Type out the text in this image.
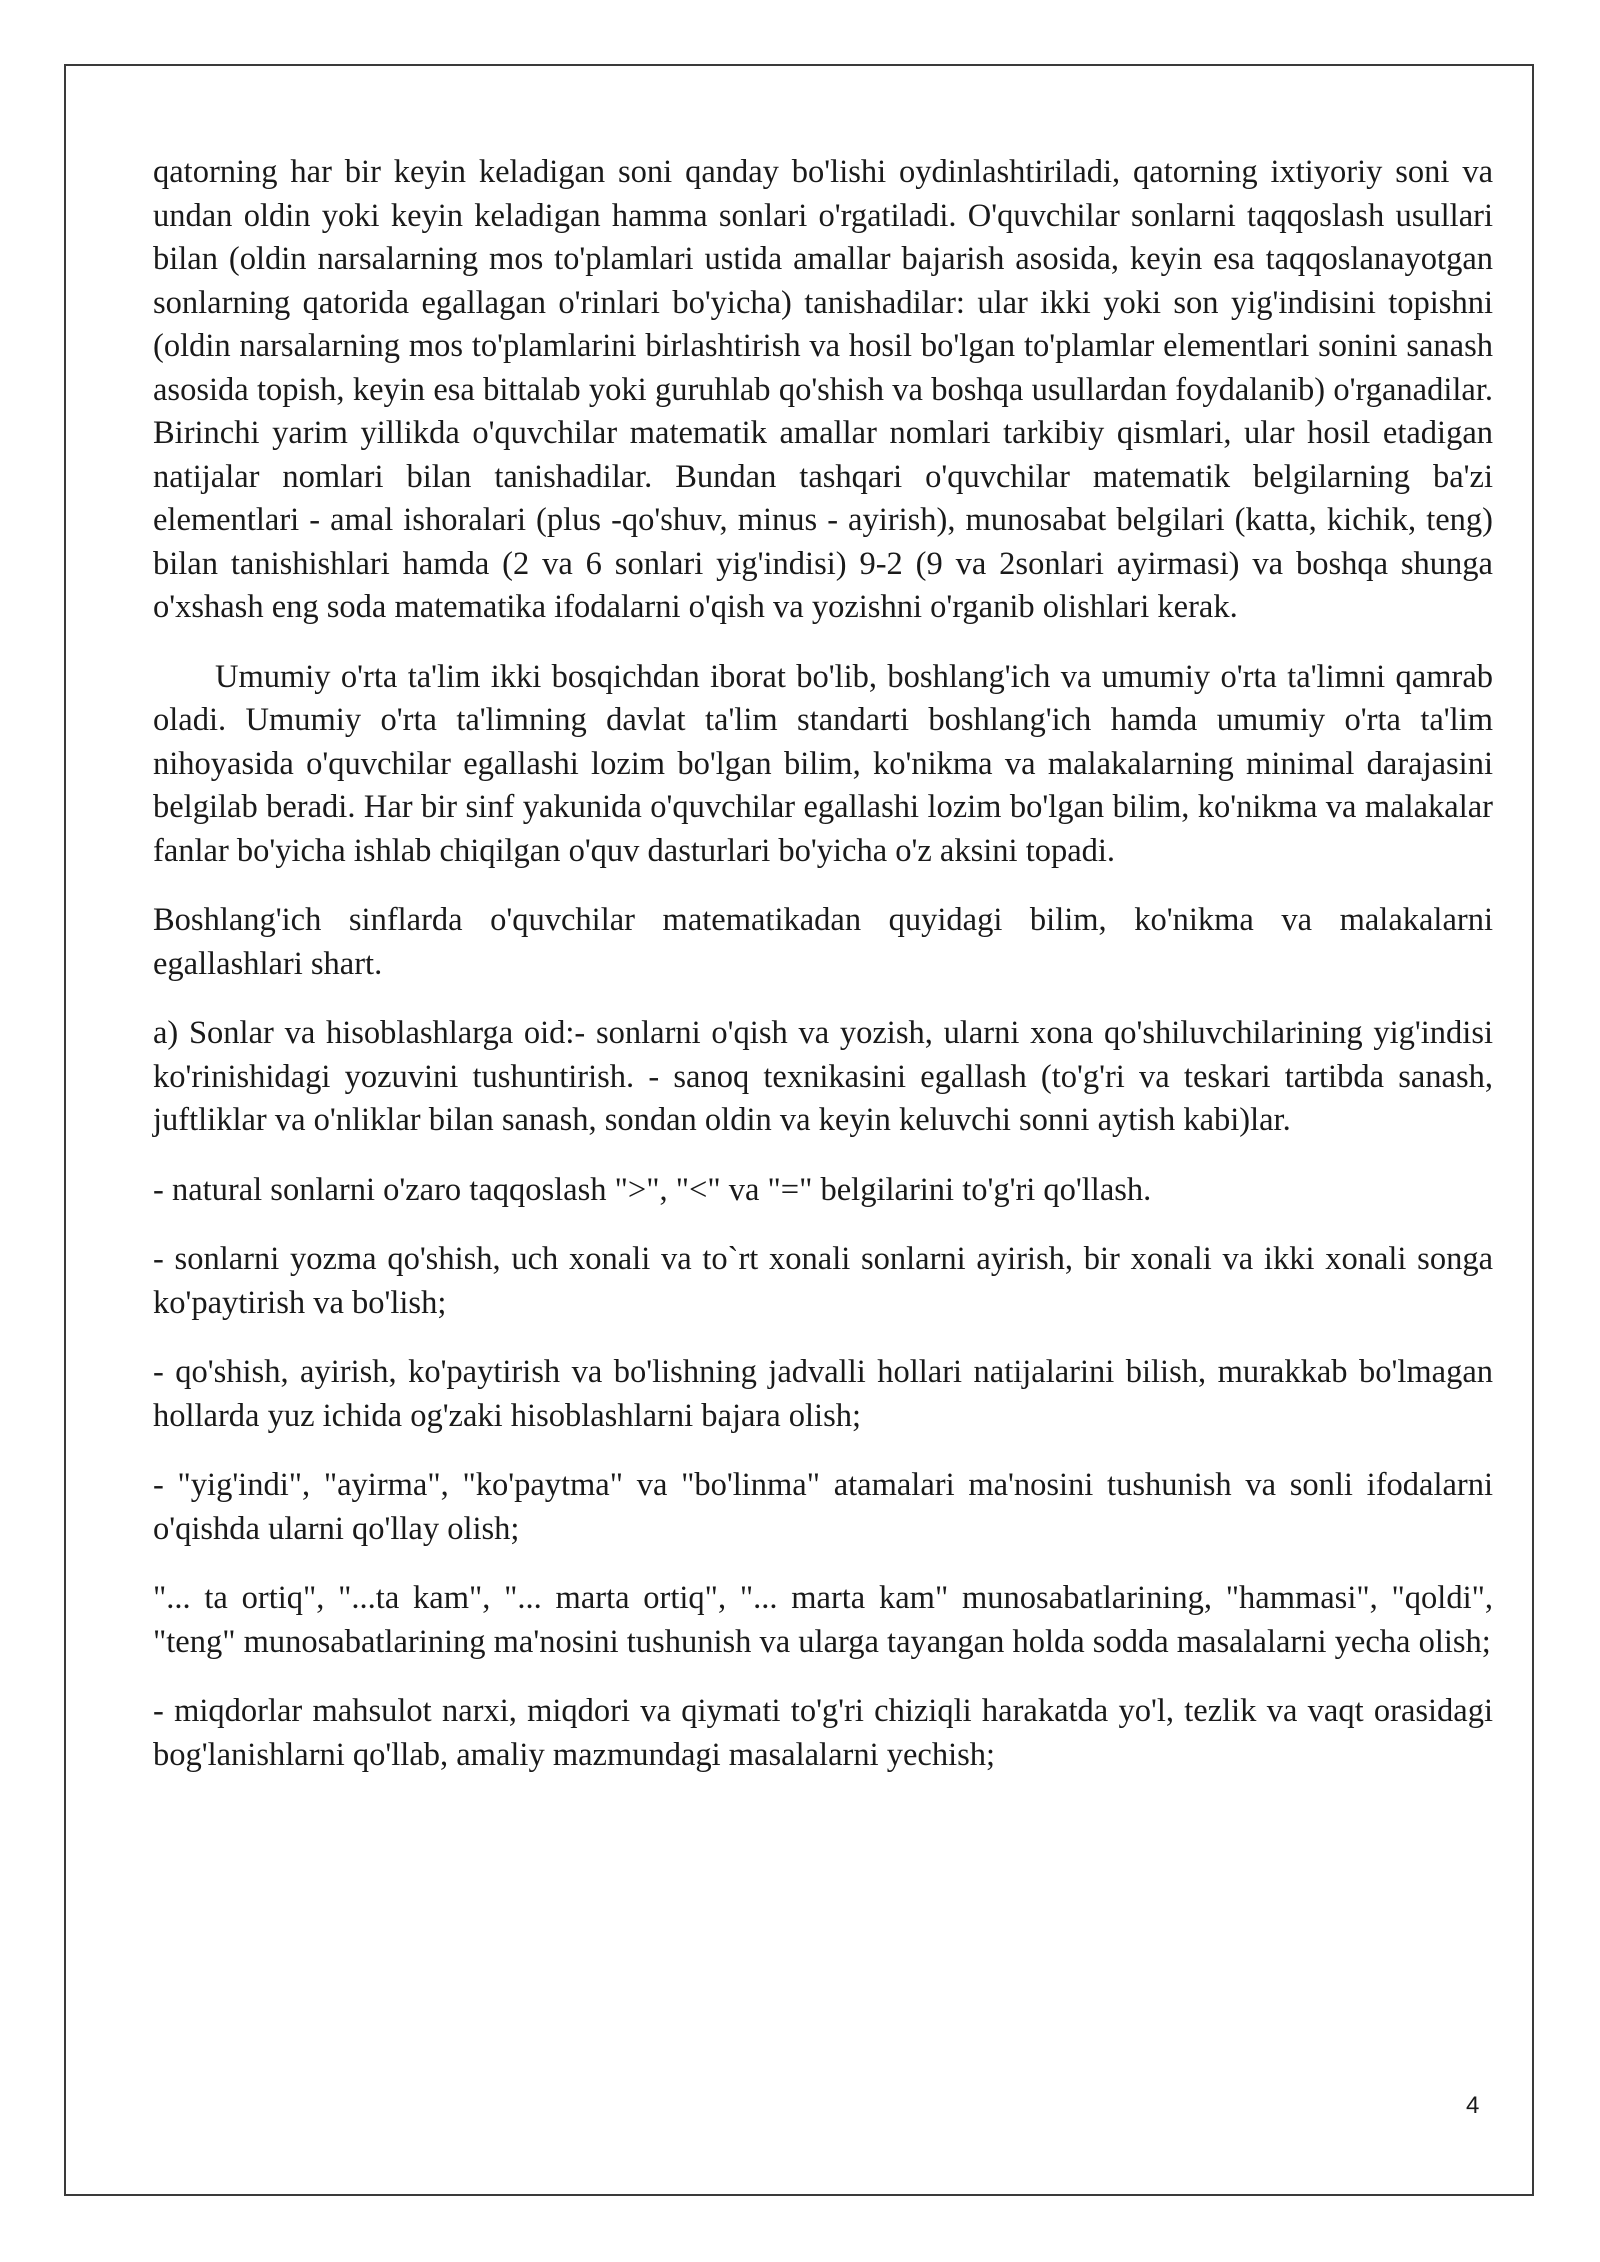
qatorning har bir keyin keladigan soni qanday bo'lishi oydinlashtiriladi, qatorning ixtiyoriy soni va undan oldin yoki keyin keladigan hamma sonlari o'rgatiladi. O'quvchilar sonlarni taqqoslash usullari bilan (oldin narsalarning mos to'plamlari ustida amallar bajarish asosida, keyin esa taqqoslanayotgan sonlarning qatorida egallagan o'rinlari bo'yicha) tanishadilar: ular ikki yoki son yig'indisini topishni (oldin narsalarning mos to'plamlarini birlashtirish va hosil bo'lgan to'plamlar elementlari sonini sanash asosida topish, keyin esa bittalab yoki guruhlab qo'shish va boshqa usullardan foydalanib) o'rganadilar. Birinchi yarim yillikda o'quvchilar matematik amallar nomlari tarkibiy qismlari, ular hosil etadigan natijalar nomlari bilan tanishadilar. Bundan tashqari o'quvchilar matematik belgilarning ba'zi elementlari - amal ishoralari (plus -qo'shuv, minus - ayirish), munosabat belgilari (katta, kichik, teng) bilan tanishishlari hamda (2 va 6 sonlari yig'indisi) 9-2 (9 va 2sonlari ayirmasi) va boshqa shunga o'xshash eng soda matematika ifodalarni o'qish va yozishni o'rganib olishlari kerak.

Umumiy o'rta ta'lim ikki bosqichdan iborat bo'lib, boshlang'ich va umumiy o'rta ta'limni qamrab oladi. Umumiy o'rta ta'limning davlat ta'lim standarti boshlang'ich hamda umumiy o'rta ta'lim nihoyasida o'quvchilar egallashi lozim bo'lgan bilim, ko'nikma va malakalarning minimal darajasini belgilab beradi. Har bir sinf yakunida o'quvchilar egallashi lozim bo'lgan bilim, ko'nikma va malakalar fanlar bo'yicha ishlab chiqilgan o'quv dasturlari bo'yicha o'z aksini topadi.

Boshlang'ich sinflarda o'quvchilar matematikadan quyidagi bilim, ko'nikma va malakalarni egallashlari shart.

a) Sonlar va hisoblashlarga oid:- sonlarni o'qish va yozish, ularni xona qo'shiluvchilarining yig'indisi ko'rinishidagi yozuvini tushuntirish. - sanoq texnikasini egallash (to'g'ri va teskari tartibda sanash, juftliklar va o'nliklar bilan sanash, sondan oldin va keyin keluvchi sonni aytish kabi)lar.

- natural sonlarni o'zaro taqqoslash ">", "<" va "=" belgilarini to'g'ri qo'llash.

- sonlarni yozma qo'shish, uch xonali va to`rt xonali sonlarni ayirish, bir xonali va ikki xonali songa ko'paytirish va bo'lish;

- qo'shish, ayirish, ko'paytirish va bo'lishning jadvalli hollari natijalarini bilish, murakkab bo'lmagan hollarda yuz ichida og'zaki hisoblashlarni bajara olish;

- "yig'indi", "ayirma", "ko'paytma" va "bo'linma" atamalari ma'nosini tushunish va sonli ifodalarni o'qishda ularni qo'llay olish;

"... ta ortiq", "...ta kam", "... marta ortiq", "... marta kam" munosabatlarining, "hammasi", "qoldi", "teng" munosabatlarining ma'nosini tushunish va ularga tayangan holda sodda masalalarni yecha olish;

- miqdorlar mahsulot narxi, miqdori va qiymati to'g'ri chiziqli harakatda yo'l, tezlik va vaqt orasidagi bog'lanishlarni qo'llab, amaliy mazmundagi masalalarni yechish;

4
